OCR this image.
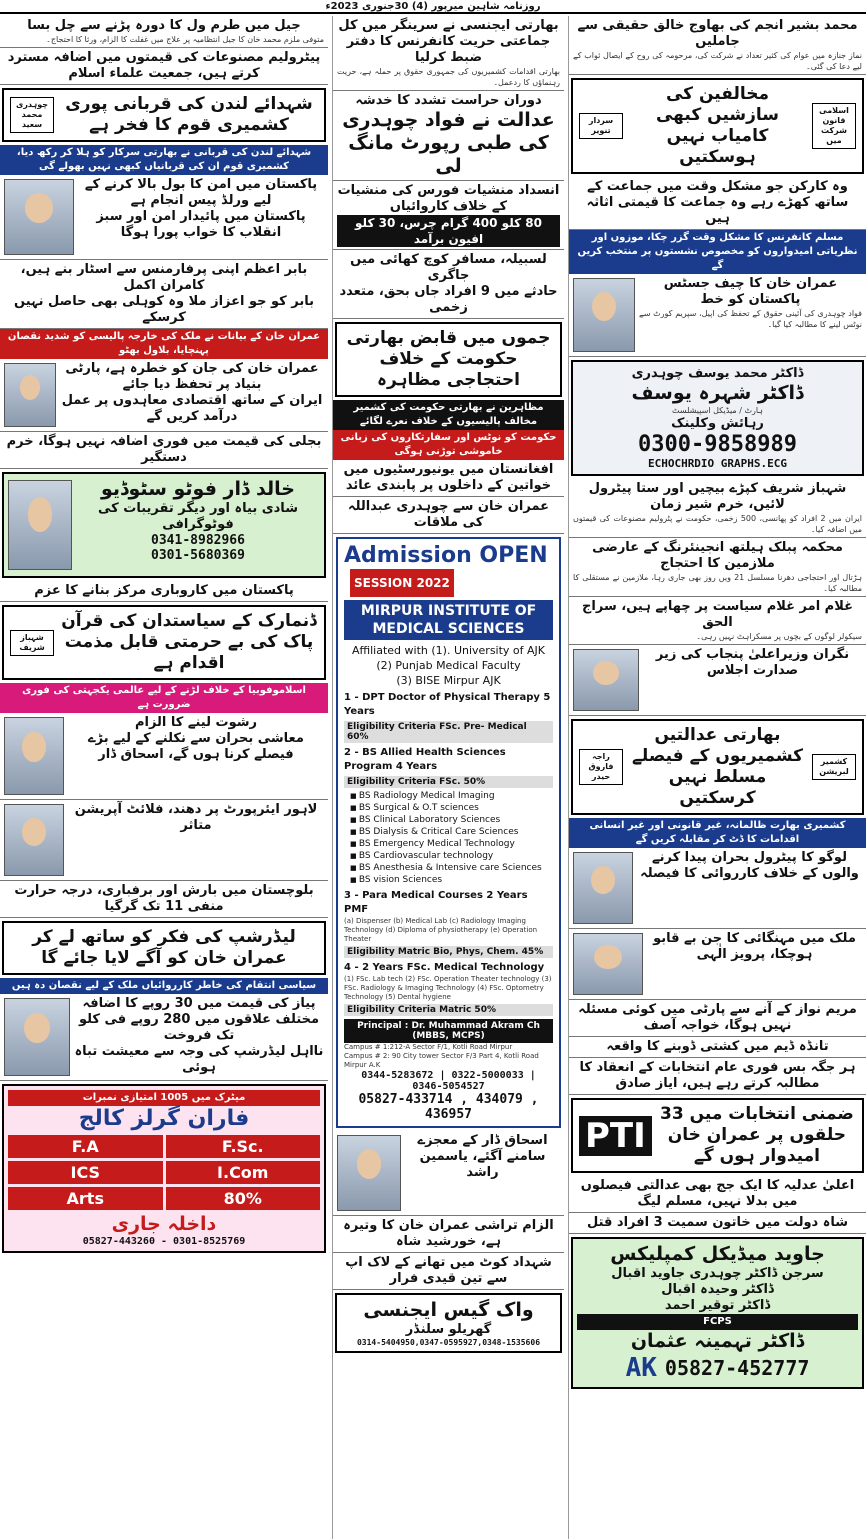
روزنامہ شاہین میرپور (4) 30جنوری 2023ء
محمد بشیر انجم کی بھاوج خالق حقیقی سے جاملیں
نماز جنازہ میں عوام کی کثیر تعداد نے شرکت کی، مرحومہ کی روح کے ایصال ثواب کے لیے دعا کی گئی۔
اسلامی قانون شرکت میں
مخالفین کی سازشیں کبھی کامیاب نہیں ہوسکتیں
سردار تنویر
وہ کارکن جو مشکل وقت میں جماعت کے ساتھ کھڑے رہے وہ جماعت کا قیمتی اثاثہ ہیں
مسلم کانفرنس کا مشکل وقت گزر چکا، موزوں اور نظریاتی امیدواروں کو مخصوص نشستوں پر منتخب کریں گے
عمران خان کا چیف جسٹس پاکستان کو خط
فواد چوہدری کی آئینی حقوق کے تحفظ کی اپیل، سپریم کورٹ سے نوٹس لینے کا مطالبہ کیا گیا۔
ڈاکٹر محمد یوسف چوہدری
ڈاکٹر شہرہ یوسف
ہارٹ / میڈیکل اسپیشلسٹ
رہائش وکلینک
0300-9858989
ECHOCHRDIO GRAPHS.ECG
شہباز شریف کپڑے بیچیں اور ستا پیٹرول لائیں، خرم شیر زمان
ایران میں 2 افراد کو پھانسی، 500 زخمی، حکومت نے پٹرولیم مصنوعات کی قیمتوں میں اضافہ کیا۔
محکمہ پبلک ہیلتھ انجینئرنگ کے عارضی ملازمین کا احتجاج
ہڑتال اور احتجاجی دھرنا مسلسل 21 ویں روز بھی جاری رہا، ملازمین نے مستقلی کا مطالبہ کیا۔
غلام امر غلام سیاست پر چھاپے ہیں، سراج الحق
سیکولر لوگوں کے بچوں پر مسکراہٹ نہیں رہی۔
نگران وزیراعلیٰ پنجاب کی زیر صدارت اجلاس
کشمیر لبریشن
بھارتی عدالتیں کشمیریوں کے فیصلے مسلط نہیں کرسکتیں
راجہ فاروق حیدر
کشمیری بھارت ظالمانہ، غیر قانونی اور غیر انسانی اقدامات کا ڈٹ کر مقابلہ کریں گے
لوگو کا پیٹرول بحران پیدا کرنے والوں کے خلاف کارروائی کا فیصلہ
ملک میں مہنگائی کا جن بے قابو ہوچکا، پرویز الٰہی
مریم نواز کے آنے سے پارٹی میں کوئی مسئلہ نہیں ہوگا، خواجہ آصف
تانڈہ ڈیم میں کشتی ڈوبنے کا واقعہ
ہر جگہ بس فوری عام انتخابات کے انعقاد کا مطالبہ کرتے رہے ہیں، ایاز صادق
ضمنی انتخابات میں 33 حلقوں پر عمران خان امیدوار ہوں گے
PTI
اعلیٰ عدلیہ کا ایک جج بھی عدالتی فیصلوں میں بدلا نہیں، مسلم لیگ
شاہ دولت میں خاتون سمیت 3 افراد قتل
جاوید میڈیکل کمپلیکس
سرجن ڈاکٹر چوہدری جاوید اقبال
ڈاکٹر وحیدہ اقبال
ڈاکٹر توقیر احمد
FCPS
ڈاکٹر تہمینہ عثمان
AK 05827-452777
بھارتی ایجنسی نے سرینگر میں کل جماعتی حریت کانفرنس کا دفتر ضبط کرلیا
بھارتی اقدامات کشمیریوں کی جمہوری حقوق پر حملہ ہے، حریت رہنماؤں کا ردعمل۔
دوران حراست تشدد کا خدشہ
عدالت نے فواد چوہدری کی طبی رپورٹ مانگ لی
انسداد منشیات فورس کی منشیات کے خلاف کاروائیاں
80 کلو 400 گرام چرس، 30 کلو افیون برآمد
لسبیلہ، مسافر کوچ کھائی میں جاگری
حادثے میں 9 افراد جاں بحق، متعدد زخمی
جموں میں قابض بھارتی حکومت کے خلاف احتجاجی مظاہرہ
مظاہرین نے بھارتی حکومت کی کشمیر مخالف پالیسیوں کے خلاف نعرے لگائے
حکومت کو نوٹس اور سفارتکاروں کی زبانی خاموشی توڑنی ہوگی
افغانستان میں یونیورسٹیوں میں خواتین کے داخلوں پر پابندی عائد
عمران خان سے چوہدری عبداللہ کی ملاقات
Admission OPENSESSION 2022
MIRPUR INSTITUTE OF MEDICAL SCIENCES
Affiliated with (1). University of AJK
(2) Punjab Medical Faculty
(3) BISE Mirpur AJK
1 - DPT Doctor of Physical Therapy 5 Years
Eligibility Criteria FSc. Pre- Medical 60%
2 - BS Allied Health Sciences Program 4 Years
Eligibility Criteria FSc. 50%
■ BS Radiology Medical Imaging
■ BS Surgical & O.T sciences
■ BS Clinical Laboratory Sciences
■ BS Dialysis & Critical Care Sciences
■ BS Emergency Medical Technology
■ BS Cardiovascular technology
■ BS Anesthesia & Intensive care Sciences
■ BS vision Sciences
3 - Para Medical Courses 2 Years PMF
(a) Dispenser (b) Medical Lab (c) Radiology Imaging Technology (d) Diploma of physiotherapy (e) Operation Theater
Eligibility Matric Bio, Phys, Chem. 45%
4 - 2 Years FSc. Medical Technology
(1) FSc. Lab tech (2) FSc. Operation Theater technology (3) FSc. Radiology & Imaging Technology (4) FSc. Optometry Technology (5) Dental hygiene
Eligibility Criteria Matric 50%
Principal : Dr. Muhammad Akram Ch (MBBS, MCPS)
Campus # 1:212-A Sector F/1, Kotli Road Mirpur
Campus # 2: 90 City tower Sector F/3 Part 4, Kotli Road Mirpur A.K
0344-5283672 | 0322-5000033 | 0346-5054527
05827-433714 , 434079 , 436957
اسحاق ڈار کے معجزے سامنے آگئے، یاسمین راشد
الزام تراشی عمران خان کا وتیرہ ہے، خورشید شاہ
شہداد کوٹ میں تھانے کے لاک اپ سے تین قیدی فرار
واک گیس ایجنسی
گھریلو سلنڈر
0314-5404950,0347-0595927,0348-1535606
جیل میں طرم ول کا دورہ پڑنے سے چل بسا
متوفی ملزم محمد خان کا جیل انتظامیہ پر علاج میں غفلت کا الزام، ورثا کا احتجاج۔
پیٹرولیم مصنوعات کی قیمتوں میں اضافہ مسترد کرتے ہیں، جمعیت علماء اسلام
شہدائے لندن کی قربانی پوری کشمیری قوم کا فخر ہے
چوہدری محمد سعید
شہدائے لندن کی قربانی نے بھارتی سرکار کو ہلا کر رکھ دیا، کشمیری قوم ان کی قربانیاں کبھی نہیں بھولے گی
پاکستان میں امن کا بول بالا کرنے کے لیے ورلڈ پیس انجام ہے
پاکستان میں پائیدار امن اور سبز انقلاب کا خواب پورا ہوگا
بابر اعظم اپنی پرفارمنس سے اسٹار بنے ہیں، کامران اکمل
بابر کو جو اعزاز ملا وہ کوہلی بھی حاصل نہیں کرسکے
عمران خان کے بیانات نے ملک کی خارجہ پالیسی کو شدید نقصان پہنچایا، بلاول بھٹو
عمران خان کی جان کو خطرہ ہے، پارٹی بنیاد پر تحفظ دیا جائے
ایران کے ساتھ اقتصادی معاہدوں پر عمل درآمد کریں گے
بجلی کی قیمت میں فوری اضافہ نہیں ہوگا، خرم دستگیر
خالد ڈار فوٹو سٹوڈیو
شادی بیاہ اور دیگر تقریبات کی فوٹوگرافی
0341-8982966
0301-5680369
پاکستان میں کاروباری مرکز بنانے کا عزم
ڈنمارک کے سیاستدان کی قرآن پاک کی بے حرمتی قابل مذمت اقدام ہے
شہباز شریف
اسلاموفوبیا کے خلاف لڑنے کے لیے عالمی یکجہتی کی فوری ضرورت ہے
رشوت لینے کا الزام
معاشی بحران سے نکلنے کے لیے بڑے فیصلے کرنا ہوں گے، اسحاق ڈار
لاہور ایئرپورٹ پر دھند، فلائٹ آپریشن متاثر
بلوچستان میں بارش اور برفباری، درجہ حرارت منفی 11 تک گرگیا
لیڈرشپ کی فکر کو ساتھ لے کر عمران خان کو آگے لایا جائے گا
سیاسی انتقام کی خاطر کارروائیاں ملک کے لیے نقصان دہ ہیں
پیاز کی قیمت میں 30 روپے کا اضافہ
مختلف علاقوں میں 280 روپے فی کلو تک فروخت
نااہل لیڈرشپ کی وجہ سے معیشت تباہ ہوئی
میٹرک میں 1005 امتیازی نمبرات
فاران گرلز کالج
F.A	F.Sc.
ICS	I.Com
Arts	80%
داخلہ جاری
05827-443260 - 0301-8525769
